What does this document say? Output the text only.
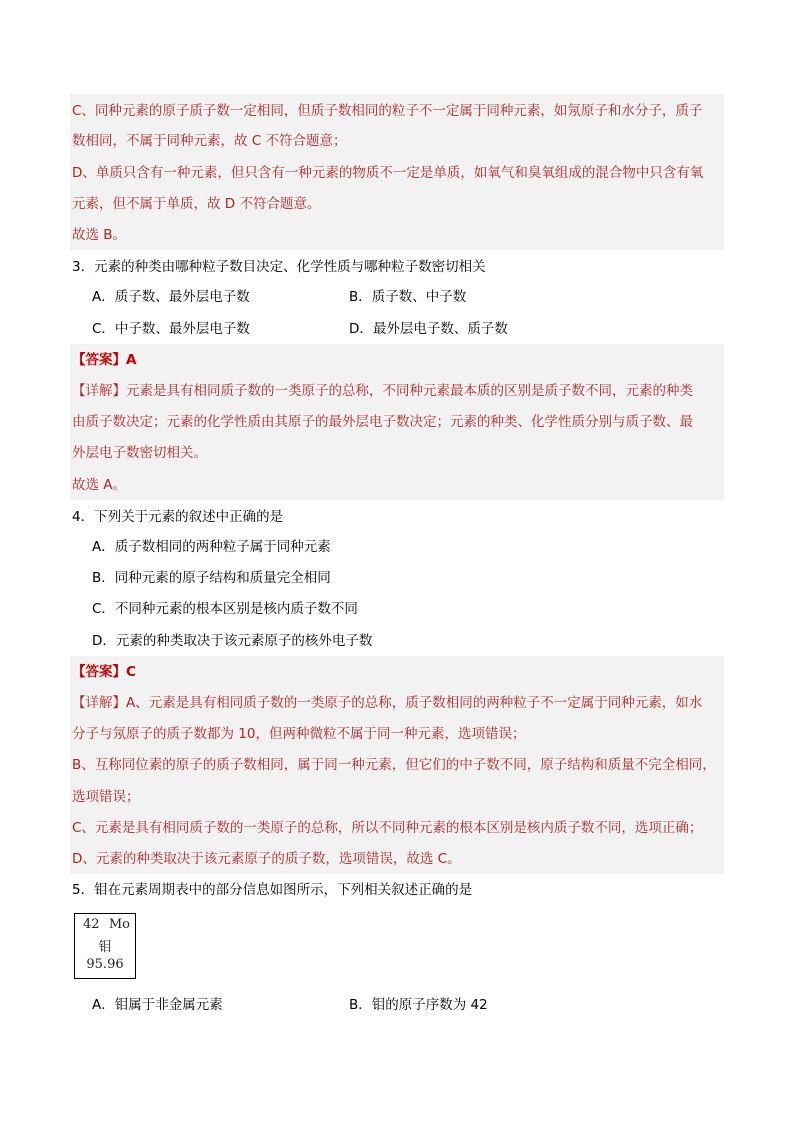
C、同种元素的原子质子数一定相同，但质子数相同的粒子不一定属于同种元素，如氖原子和水分子，质子
数相同，不属于同种元素，故 C 不符合题意；
D、单质只含有一种元素，但只含有一种元素的物质不一定是单质，如氧气和臭氧组成的混合物中只含有氧
元素，但不属于单质，故 D 不符合题意。
故选 B。
3．元素的种类由哪种粒子数目决定、化学性质与哪种粒子数密切相关
A．质子数、最外层电子数	B．质子数、中子数
C．中子数、最外层电子数	D．最外层电子数、质子数
【答案】A
【详解】元素是具有相同质子数的一类原子的总称，不同种元素最本质的区别是质子数不同，元素的种类
由质子数决定；元素的化学性质由其原子的最外层电子数决定；元素的种类、化学性质分别与质子数、最
外层电子数密切相关。
故选 A。
4．下列关于元素的叙述中正确的是
A．质子数相同的两种粒子属于同种元素
B．同种元素的原子结构和质量完全相同
C．不同种元素的根本区别是核内质子数不同
D．元素的种类取决于该元素原子的核外电子数
【答案】C
【详解】A、元素是具有相同质子数的一类原子的总称，质子数相同的两种粒子不一定属于同种元素，如水
分子与氖原子的质子数都为 10，但两种微粒不属于同一种元素，选项错误；
B、互称同位素的原子的质子数相同，属于同一种元素，但它们的中子数不同，原子结构和质量不完全相同，
选项错误；
C、元素是具有相同质子数的一类原子的总称，所以不同种元素的根本区别是核内质子数不同，选项正确；
D、元素的种类取决于该元素原子的质子数，选项错误，故选 C。
5．钼在元素周期表中的部分信息如图所示，下列相关叙述正确的是
42 Mo
钼
95.96
A．钼属于非金属元素	B．钼的原子序数为 42
